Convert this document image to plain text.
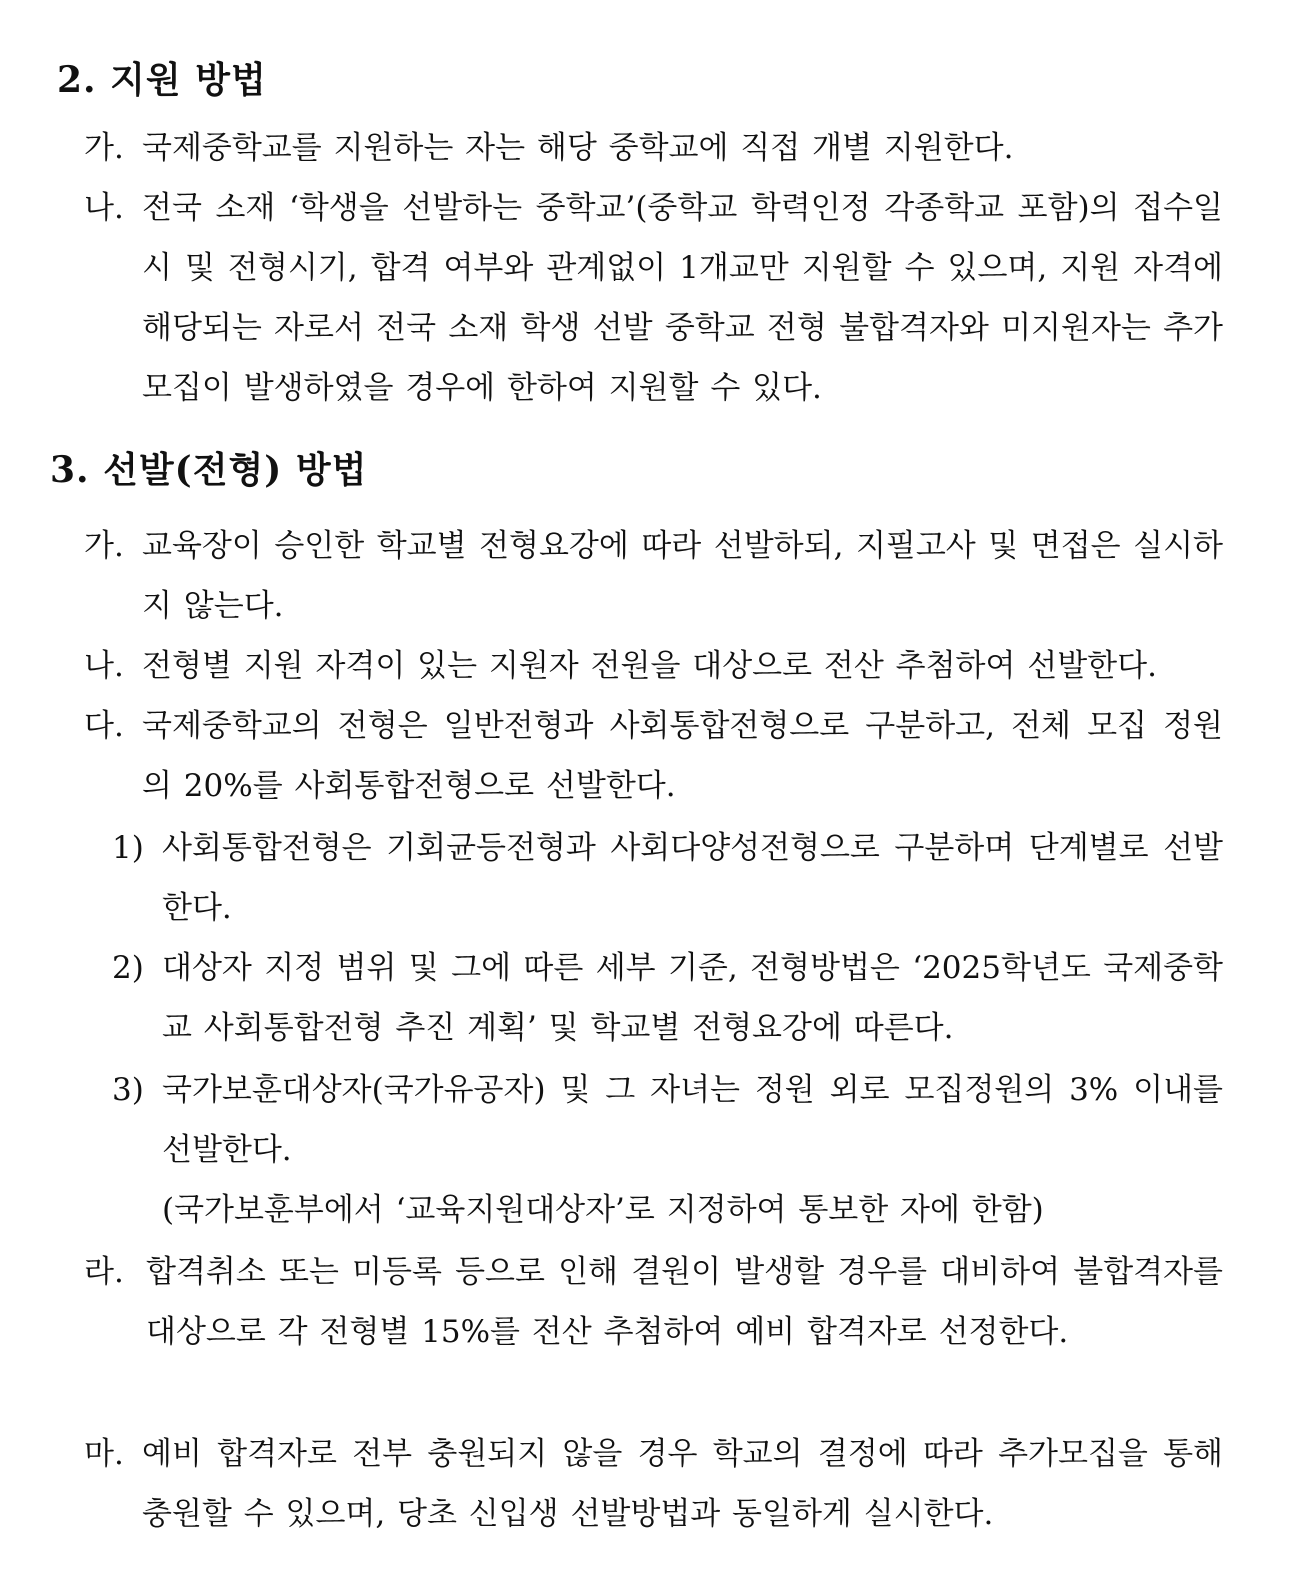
2. 지원 방법
가. 국제중학교를 지원하는 자는 해당 중학교에 직접 개별 지원한다.
나. 전국 소재 ‘학생을 선발하는 중학교’(중학교 학력인정 각종학교 포함)의 접수일시 및 전형시기, 합격 여부와 관계없이 1개교만 지원할 수 있으며, 지원 자격에 해당되는 자로서 전국 소재 학생 선발 중학교 전형 불합격자와 미지원자는 추가모집이 발생하였을 경우에 한하여 지원할 수 있다.
3. 선발(전형) 방법
가. 교육장이 승인한 학교별 전형요강에 따라 선발하되, 지필고사 및 면접은 실시하지 않는다.
나. 전형별 지원 자격이 있는 지원자 전원을 대상으로 전산 추첨하여 선발한다.
다. 국제중학교의 전형은 일반전형과 사회통합전형으로 구분하고, 전체 모집 정원의 20%를 사회통합전형으로 선발한다.
1) 사회통합전형은 기회균등전형과 사회다양성전형으로 구분하며 단계별로 선발한다.
2) 대상자 지정 범위 및 그에 따른 세부 기준, 전형방법은 ‘2025학년도 국제중학교 사회통합전형 추진 계획’ 및 학교별 전형요강에 따른다.
3) 국가보훈대상자(국가유공자) 및 그 자녀는 정원 외로 모집정원의 3% 이내를 선발한다.
(국가보훈부에서 ‘교육지원대상자’로 지정하여 통보한 자에 한함)
라. 합격취소 또는 미등록 등으로 인해 결원이 발생할 경우를 대비하여 불합격자를 대상으로 각 전형별 15%를 전산 추첨하여 예비 합격자로 선정한다.
마. 예비 합격자로 전부 충원되지 않을 경우 학교의 결정에 따라 추가모집을 통해 충원할 수 있으며, 당초 신입생 선발방법과 동일하게 실시한다.
